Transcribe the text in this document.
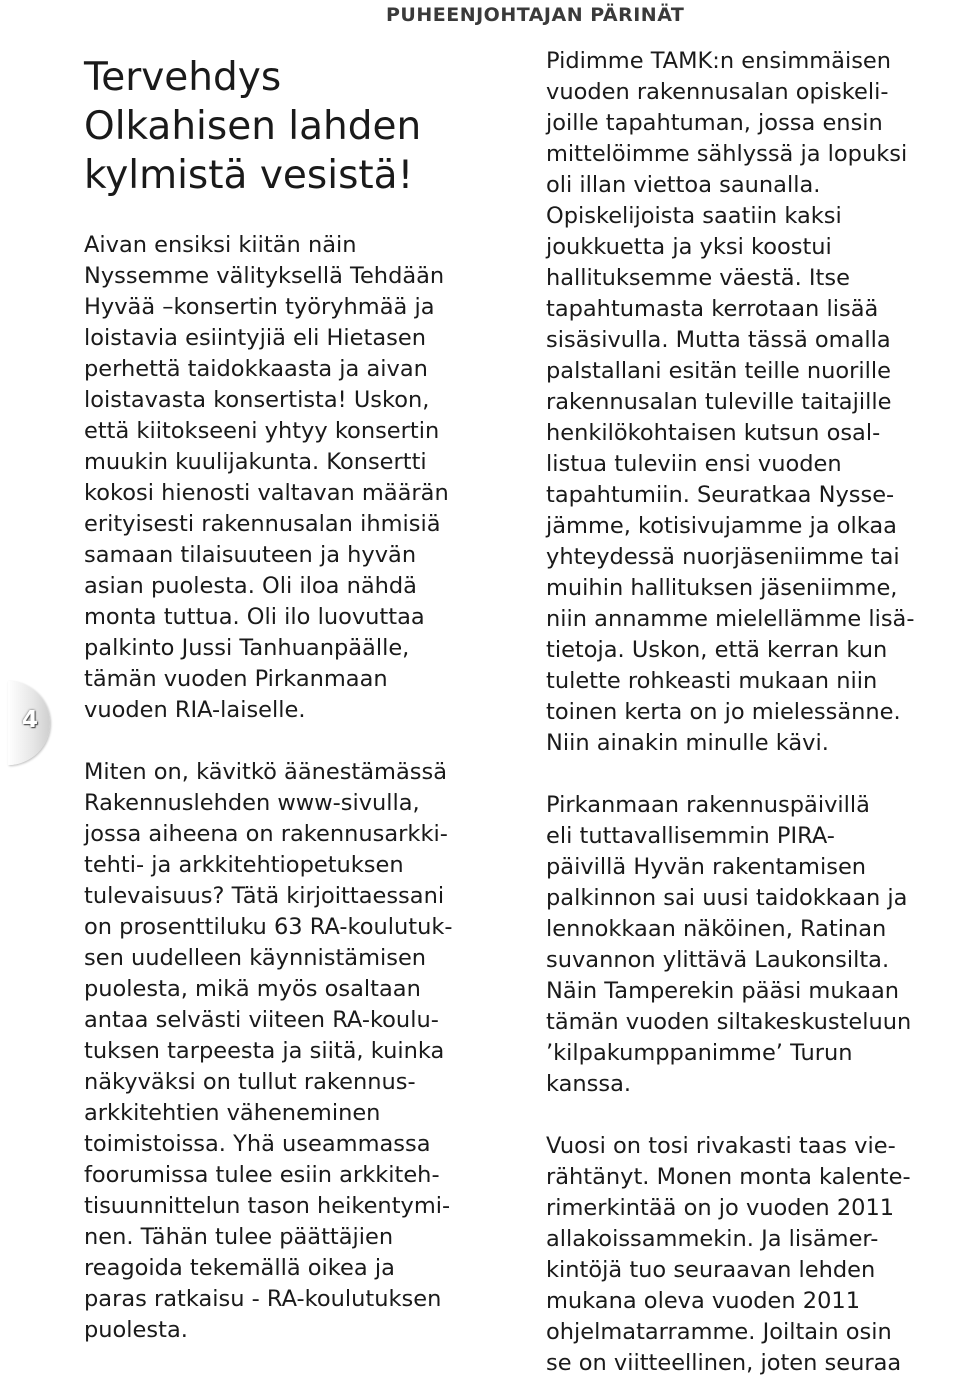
PUHEENJOHTAJAN PÄRINÄT
4
Tervehdys
Olkahisen lahden
kylmistä vesistä!
Aivan ensiksi kiitän näin
Nyssemme välityksellä Tehdään
Hyvää –konsertin työryhmää ja
loistavia esiintyjiä eli Hietasen
perhettä taidokkaasta ja aivan
loistavasta konsertista! Uskon,
että kiitokseeni yhtyy konsertin
muukin kuulijakunta. Konsertti
kokosi hienosti valtavan määrän
erityisesti rakennusalan ihmisiä
samaan tilaisuuteen ja hyvän
asian puolesta. Oli iloa nähdä
monta tuttua. Oli ilo luovuttaa
palkinto Jussi Tanhuanpäälle,
tämän vuoden Pirkanmaan
vuoden RIA-laiselle.
Miten on, kävitkö äänestämässä
Rakennuslehden www-sivulla,
jossa aiheena on rakennusarkki-
tehti- ja arkkitehtiopetuksen
tulevaisuus? Tätä kirjoittaessani
on prosenttiluku 63 RA-koulutuk-
sen uudelleen käynnistämisen
puolesta, mikä myös osaltaan
antaa selvästi viiteen RA-koulu-
tuksen tarpeesta ja siitä, kuinka
näkyväksi on tullut rakennus-
arkkitehtien väheneminen
toimistoissa. Yhä useammassa
foorumissa tulee esiin arkkiteh-
tisuunnittelun tason heikentymi-
nen. Tähän tulee päättäjien
reagoida tekemällä oikea ja
paras ratkaisu - RA-koulutuksen
puolesta.
Pidimme TAMK:n ensimmäisen
vuoden rakennusalan opiskeli-
joille tapahtuman, jossa ensin
mittelöimme sählyssä ja lopuksi
oli illan viettoa saunalla.
Opiskelijoista saatiin kaksi
joukkuetta ja yksi koostui
hallituksemme väestä. Itse
tapahtumasta kerrotaan lisää
sisäsivulla. Mutta tässä omalla
palstallani esitän teille nuorille
rakennusalan tuleville taitajille
henkilökohtaisen kutsun osal-
listua tuleviin ensi vuoden
tapahtumiin. Seuratkaa Nysse-
jämme, kotisivujamme ja olkaa
yhteydessä nuorjäseniimme tai
muihin hallituksen jäseniimme,
niin annamme mielellämme lisä-
tietoja. Uskon, että kerran kun
tulette rohkeasti mukaan niin
toinen kerta on jo mielessänne.
Niin ainakin minulle kävi.
Pirkanmaan rakennuspäivillä
eli tuttavallisemmin PIRA-
päivillä Hyvän rakentamisen
palkinnon sai uusi taidokkaan ja
lennokkaan näköinen, Ratinan
suvannon ylittävä Laukonsilta.
Näin Tamperekin pääsi mukaan
tämän vuoden siltakeskusteluun
’kilpakumppanimme’ Turun
kanssa.
Vuosi on tosi rivakasti taas vie-
rähtänyt. Monen monta kalente-
rimerkintää on jo vuoden 2011
allakoissammekin. Ja lisämer-
kintöjä tuo seuraavan lehden
mukana oleva vuoden 2011
ohjelmatarramme. Joiltain osin
se on viitteellinen, joten seuraa
